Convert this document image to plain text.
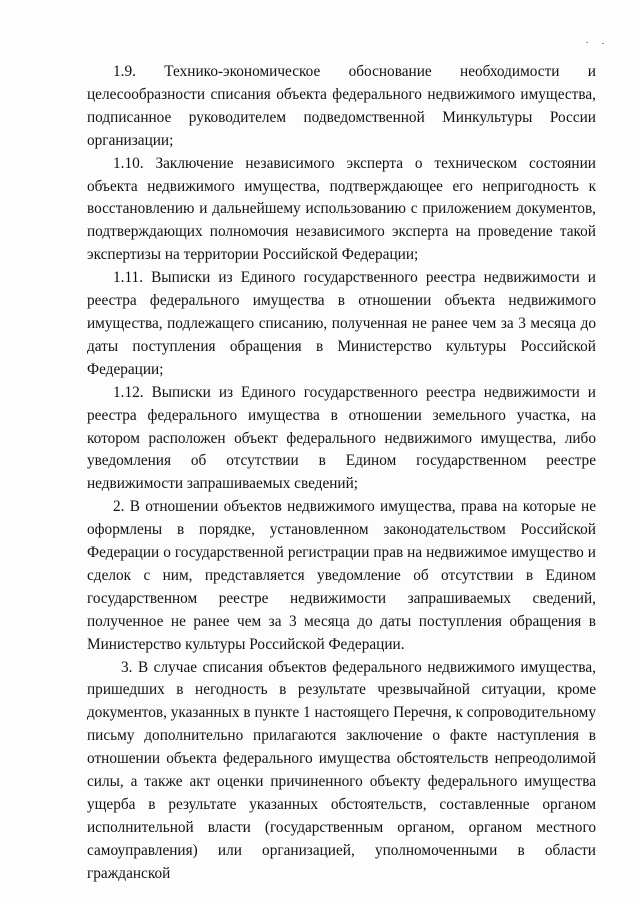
1.9. Технико-экономическое обоснование необходимости и целесообразности списания объекта федерального недвижимого имущества, подписанное руководителем подведомственной Минкультуры России организации;

1.10. Заключение независимого эксперта о техническом состоянии объекта недвижимого имущества, подтверждающее его непригодность к восстановлению и дальнейшему использованию с приложением документов, подтверждающих полномочия независимого эксперта на проведение такой экспертизы на территории Российской Федерации;

1.11. Выписки из Единого государственного реестра недвижимости и реестра федерального имущества в отношении объекта недвижимого имущества, подлежащего списанию, полученная не ранее чем за 3 месяца до даты поступления обращения в Министерство культуры Российской Федерации;

1.12. Выписки из Единого государственного реестра недвижимости и реестра федерального имущества в отношении земельного участка, на котором расположен объект федерального недвижимого имущества, либо уведомления об отсутствии в Едином государственном реестре недвижимости запрашиваемых сведений;

2. В отношении объектов недвижимого имущества, права на которые не оформлены в порядке, установленном законодательством Российской Федерации о государственной регистрации прав на недвижимое имущество и сделок с ним, представляется уведомление об отсутствии в Едином государственном реестре недвижимости запрашиваемых сведений, полученное не ранее чем за 3 месяца до даты поступления обращения в Министерство культуры Российской Федерации.

3. В случае списания объектов федерального недвижимого имущества, пришедших в негодность в результате чрезвычайной ситуации, кроме документов, указанных в пункте 1 настоящего Перечня, к сопроводительному письму дополнительно прилагаются заключение о факте наступления в отношении объекта федерального имущества обстоятельств непреодолимой силы, а также акт оценки причиненного объекту федерального имущества ущерба в результате указанных обстоятельств, составленные органом исполнительной власти (государственным органом, органом местного самоуправления) или организацией, уполномоченными в области гражданской
